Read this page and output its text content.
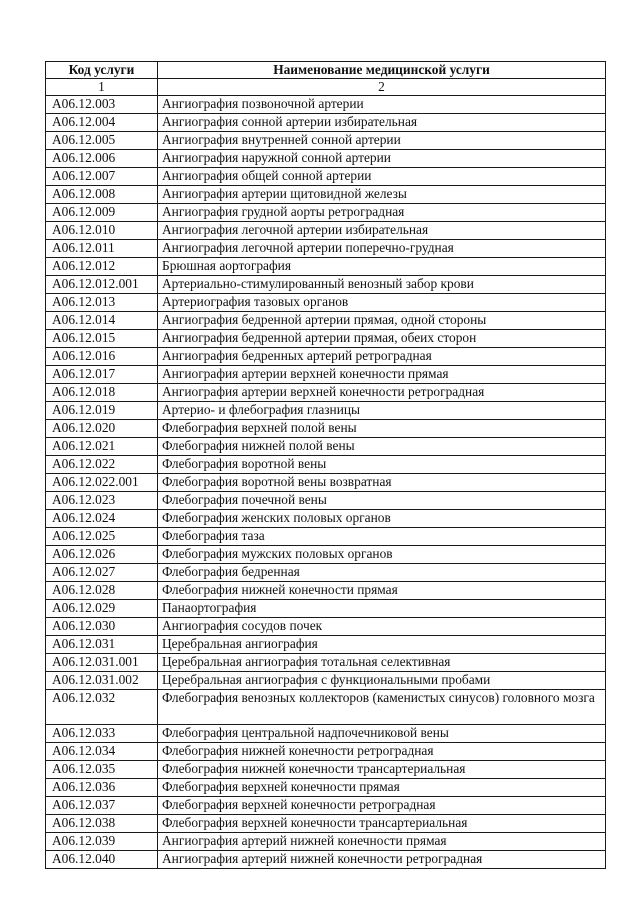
Код услуги	Наименование медицинской услуги
1	2
A06.12.003	Ангиография позвоночной артерии
A06.12.004	Ангиография сонной артерии избирательная
A06.12.005	Ангиография внутренней сонной артерии
A06.12.006	Ангиография наружной сонной артерии
A06.12.007	Ангиография общей сонной артерии
A06.12.008	Ангиография артерии щитовидной железы
A06.12.009	Ангиография грудной аорты ретроградная
A06.12.010	Ангиография легочной артерии избирательная
A06.12.011	Ангиография легочной артерии поперечно-грудная
A06.12.012	Брюшная аортография
A06.12.012.001	Артериально-стимулированный венозный забор крови
A06.12.013	Артериография тазовых органов
A06.12.014	Ангиография бедренной артерии прямая, одной стороны
A06.12.015	Ангиография бедренной артерии прямая, обеих сторон
A06.12.016	Ангиография бедренных артерий ретроградная
A06.12.017	Ангиография артерии верхней конечности прямая
A06.12.018	Ангиография артерии верхней конечности ретроградная
A06.12.019	Артерио- и флебография глазницы
A06.12.020	Флебография верхней полой вены
A06.12.021	Флебография нижней полой вены
A06.12.022	Флебография воротной вены
A06.12.022.001	Флебография воротной вены возвратная
A06.12.023	Флебография почечной вены
A06.12.024	Флебография женских половых органов
A06.12.025	Флебография таза
A06.12.026	Флебография мужских половых органов
A06.12.027	Флебография бедренная
A06.12.028	Флебография нижней конечности прямая
A06.12.029	Панаортография
A06.12.030	Ангиография сосудов почек
A06.12.031	Церебральная ангиография
A06.12.031.001	Церебральная ангиография тотальная селективная
A06.12.031.002	Церебральная ангиография с функциональными пробами
A06.12.032	Флебография венозных коллекторов (каменистых синусов) головного мозга
A06.12.033	Флебография центральной надпочечниковой вены
A06.12.034	Флебография нижней конечности ретроградная
A06.12.035	Флебография нижней конечности трансартериальная
A06.12.036	Флебография верхней конечности прямая
A06.12.037	Флебография верхней конечности ретроградная
A06.12.038	Флебография верхней конечности трансартериальная
A06.12.039	Ангиография артерий нижней конечности прямая
A06.12.040	Ангиография артерий нижней конечности ретроградная
